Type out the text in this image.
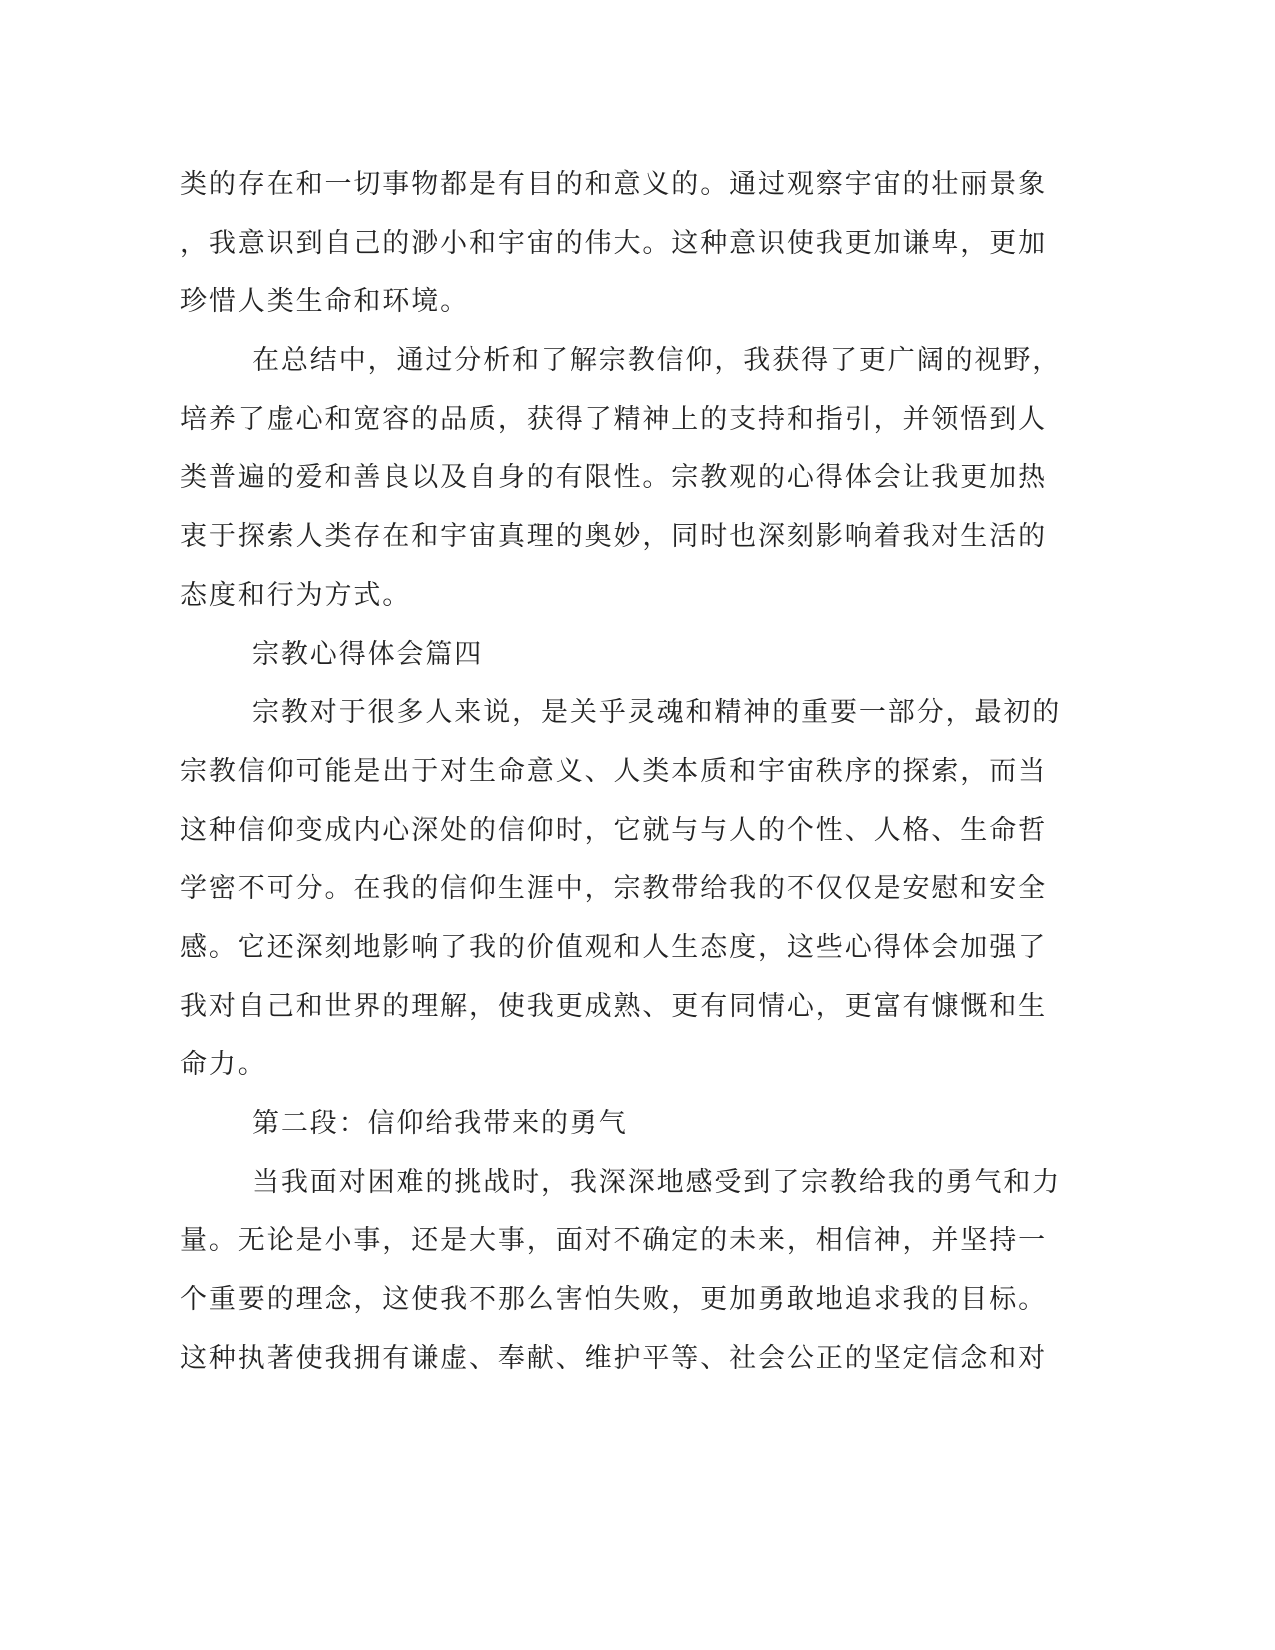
类的存在和一切事物都是有目的和意义的。通过观察宇宙的壮丽景象
，我意识到自己的渺小和宇宙的伟大。这种意识使我更加谦卑，更加
珍惜人类生命和环境。
在总结中，通过分析和了解宗教信仰，我获得了更广阔的视野，
培养了虚心和宽容的品质，获得了精神上的支持和指引，并领悟到人
类普遍的爱和善良以及自身的有限性。宗教观的心得体会让我更加热
衷于探索人类存在和宇宙真理的奥妙，同时也深刻影响着我对生活的
态度和行为方式。
宗教心得体会篇四
宗教对于很多人来说，是关乎灵魂和精神的重要一部分，最初的
宗教信仰可能是出于对生命意义、人类本质和宇宙秩序的探索，而当
这种信仰变成内心深处的信仰时，它就与与人的个性、人格、生命哲
学密不可分。在我的信仰生涯中，宗教带给我的不仅仅是安慰和安全
感。它还深刻地影响了我的价值观和人生态度，这些心得体会加强了
我对自己和世界的理解，使我更成熟、更有同情心，更富有慷慨和生
命力。
第二段：信仰给我带来的勇气
当我面对困难的挑战时，我深深地感受到了宗教给我的勇气和力
量。无论是小事，还是大事，面对不确定的未来，相信神，并坚持一
个重要的理念，这使我不那么害怕失败，更加勇敢地追求我的目标。
这种执著使我拥有谦虚、奉献、维护平等、社会公正的坚定信念和对
